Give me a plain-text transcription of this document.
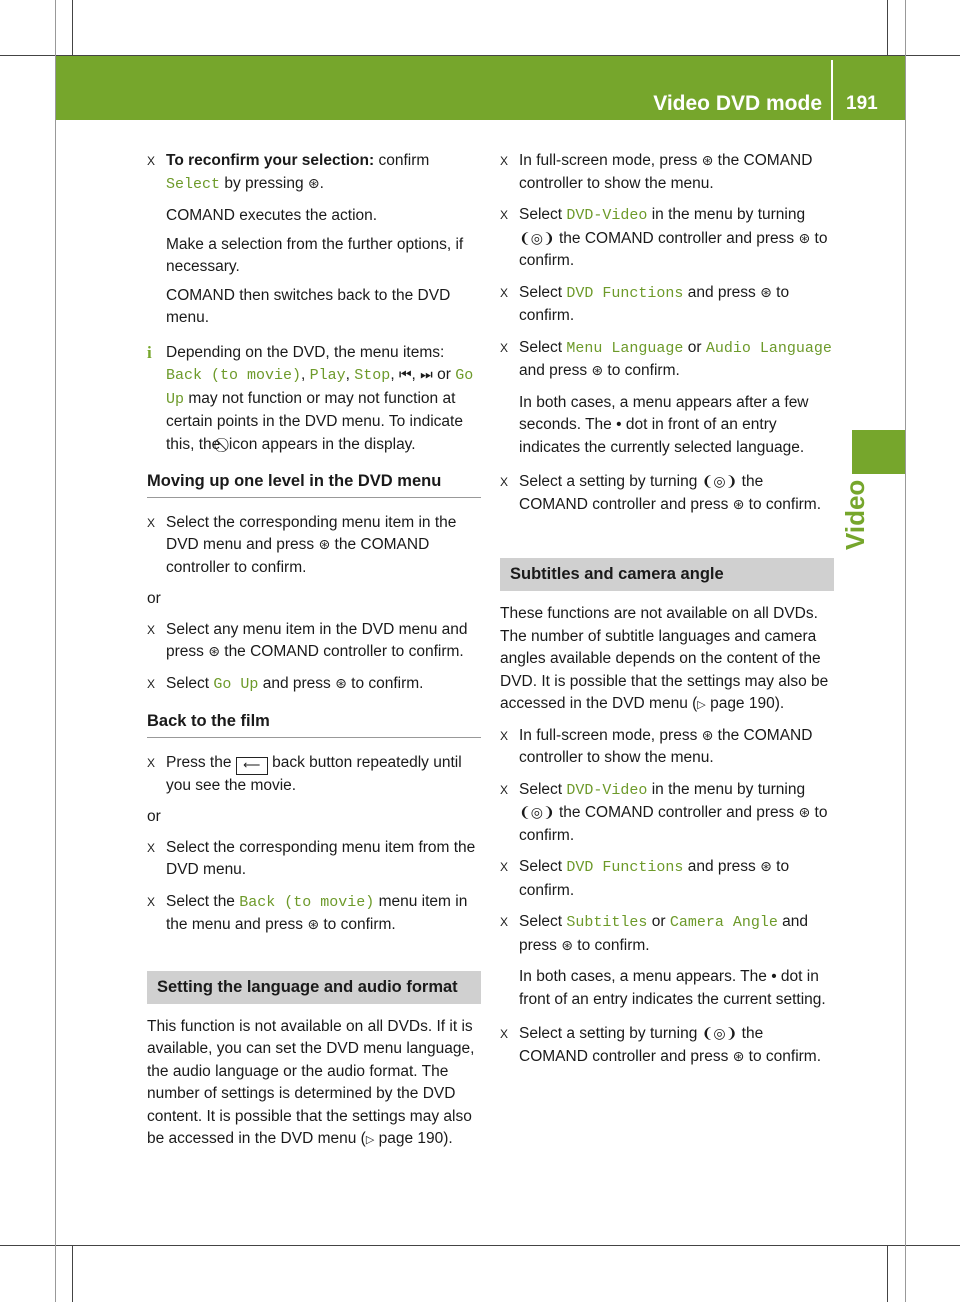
Video DVD mode 191
Video
X To reconfirm your selection: confirm Select by pressing ⊛.
COMAND executes the action.
Make a selection from the further options, if necessary.
COMAND then switches back to the DVD menu.
i Depending on the DVD, the menu items: Back (to movie), Play, Stop, ⏮, ⏭ or Go Up may not function or may not function at certain points in the DVD menu. To indicate this, the icon appears in the display.
Moving up one level in the DVD menu
X Select the corresponding menu item in the DVD menu and press ⊛ the COMAND controller to confirm.
or
X Select any menu item in the DVD menu and press ⊛ the COMAND controller to confirm.
X Select Go Up and press ⊛ to confirm.
Back to the film
X Press the ⟵ back button repeatedly until you see the movie.
or
X Select the corresponding menu item from the DVD menu.
X Select the Back (to movie) menu item in the menu and press ⊛ to confirm.
Setting the language and audio format

This function is not available on all DVDs. If it is available, you can set the DVD menu language, the audio language or the audio format. The number of settings is determined by the DVD content. It is possible that the settings may also be accessed in the DVD menu (▷ page 190).

X In full-screen mode, press ⊛ the COMAND controller to show the menu.
X Select DVD-Video in the menu by turning ❨◎❩ the COMAND controller and press ⊛ to confirm.
X Select DVD Functions and press ⊛ to confirm.
X Select Menu Language or Audio Language and press ⊛ to confirm.
In both cases, a menu appears after a few seconds. The • dot in front of an entry indicates the currently selected language.
X Select a setting by turning ❨◎❩ the COMAND controller and press ⊛ to confirm.
Subtitles and camera angle

These functions are not available on all DVDs. The number of subtitle languages and camera angles available depends on the content of the DVD. It is possible that the settings may also be accessed in the DVD menu (▷ page 190).

X In full-screen mode, press ⊛ the COMAND controller to show the menu.
X Select DVD-Video in the menu by turning ❨◎❩ the COMAND controller and press ⊛ to confirm.
X Select DVD Functions and press ⊛ to confirm.
X Select Subtitles or Camera Angle and press ⊛ to confirm.
In both cases, a menu appears. The • dot in front of an entry indicates the current setting.
X Select a setting by turning ❨◎❩ the COMAND controller and press ⊛ to confirm.
